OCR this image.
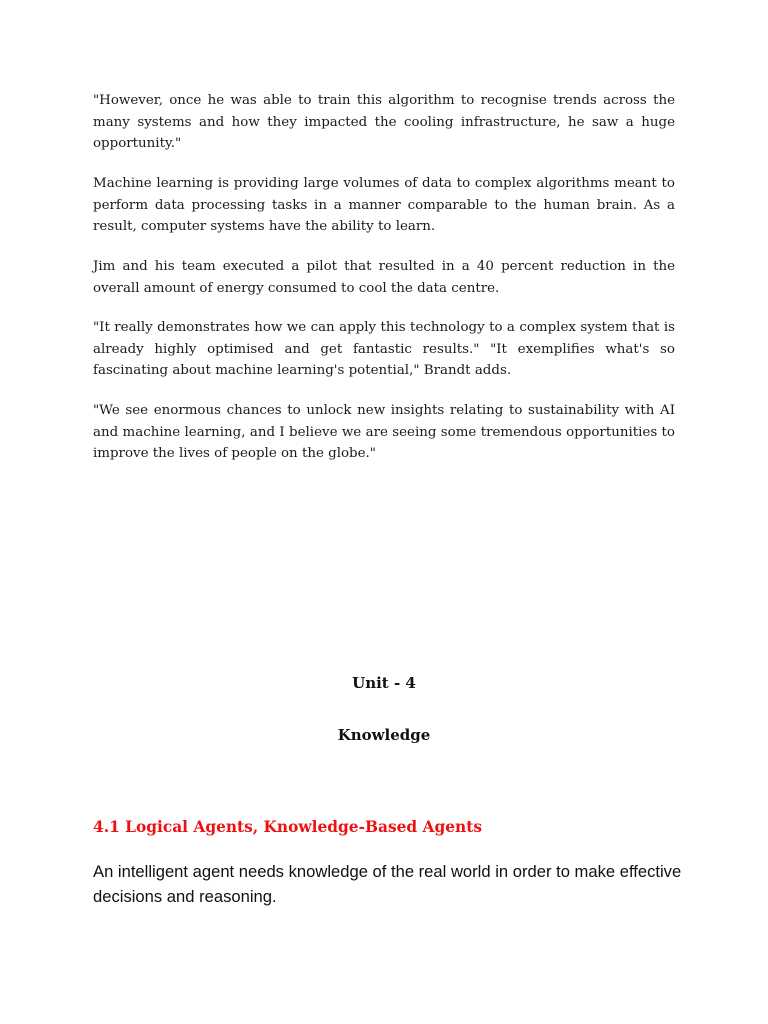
"However, once he was able to train this algorithm to recognise trends across the many systems and how they impacted the cooling infrastructure, he saw a huge opportunity."

Machine learning is providing large volumes of data to complex algorithms meant to perform data processing tasks in a manner comparable to the human brain. As a result, computer systems have the ability to learn.

Jim and his team executed a pilot that resulted in a 40 percent reduction in the overall amount of energy consumed to cool the data centre.

"It really demonstrates how we can apply this technology to a complex system that is already highly optimised and get fantastic results." "It exemplifies what's so fascinating about machine learning's potential," Brandt adds.

"We see enormous chances to unlock new insights relating to sustainability with AI and machine learning, and I believe we are seeing some tremendous opportunities to improve the lives of people on the globe."

Unit - 4
Knowledge
4.1 Logical Agents, Knowledge-Based Agents

An intelligent agent needs knowledge of the real world in order to make effective decisions and reasoning.
